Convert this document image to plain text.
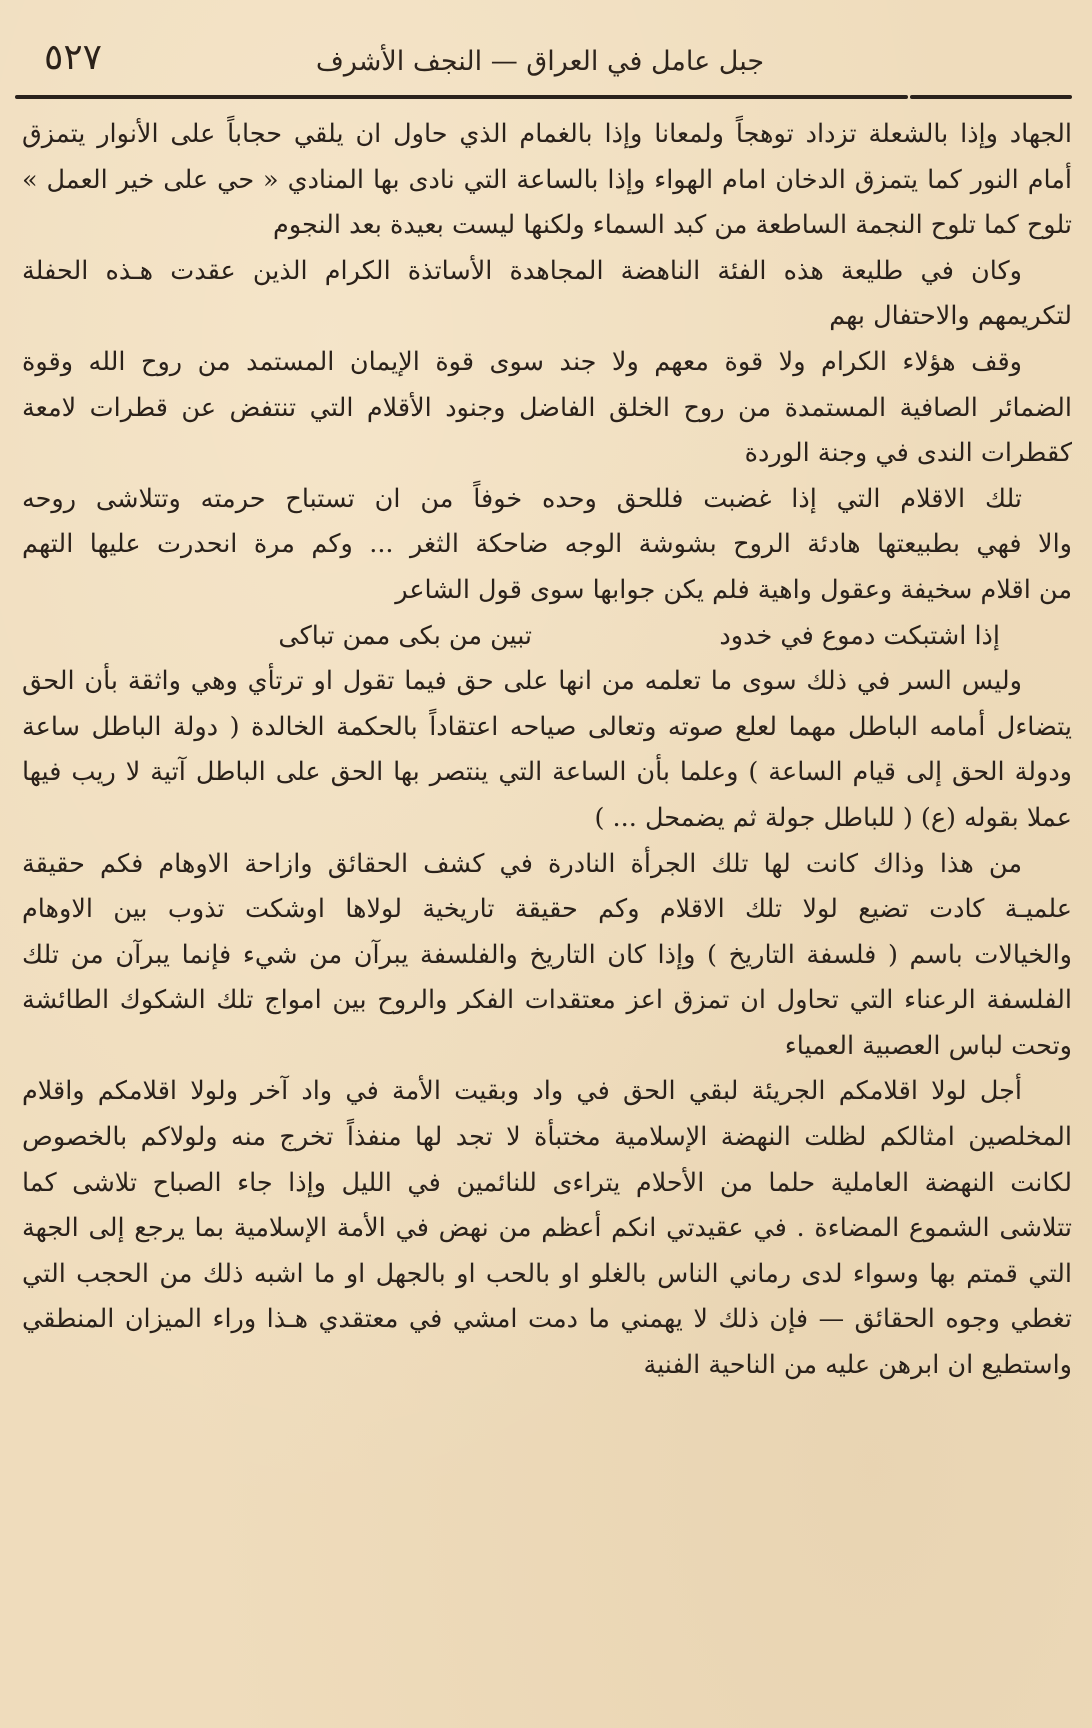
٥٢٧	جبل عامل في العراق — النجف الأشرف
الجهاد وإذا بالشعلة تزداد توهجاً ولمعانا وإذا بالغمام الذي حاول ان يلقي حجاباً على الأنوار يتمزق
أمام النور كما يتمزق الدخان امام الهواء وإذا بالساعة التي نادى بها المنادي « حي على خير العمل »
تلوح كما تلوح النجمة الساطعة من كبد السماء ولكنها ليست بعيدة بعد النجوم
وكان في طليعة هذه الفئة الناهضة المجاهدة الأساتذة الكرام الذين عقدت هـذه الحفلة
لتكريمهم والاحتفال بهم
وقف هؤلاء الكرام ولا قوة معهم ولا جند سوى قوة الإيمان المستمد من روح الله وقوة
الضمائر الصافية المستمدة من روح الخلق الفاضل وجنود الأقلام التي تنتفض عن قطرات لامعة
كقطرات الندى في وجنة الوردة
تلك الاقلام التي إذا غضبت فللحق وحده خوفاً من ان تستباح حرمته وتتلاشى روحه
والا فهي بطبيعتها هادئة الروح بشوشة الوجه ضاحكة الثغر ... وكم مرة انحدرت عليها التهم
من اقلام سخيفة وعقول واهية فلم يكن جوابها سوى قول الشاعر
إذا اشتبكت دموع في خدود
تبين من بكى ممن تباكى
وليس السر في ذلك سوى ما تعلمه من انها على حق فيما تقول او ترتأي وهي واثقة بأن الحق
يتضاءل أمامه الباطل مهما لعلع صوته وتعالى صياحه اعتقاداً بالحكمة الخالدة ( دولة الباطل ساعة
ودولة الحق إلى قيام الساعة ) وعلما بأن الساعة التي ينتصر بها الحق على الباطل آتية لا ريب فيها
عملا بقوله (ع) ( للباطل جولة ثم يضمحل ... )
من هذا وذاك كانت لها تلك الجرأة النادرة في كشف الحقائق وازاحة الاوهام فكم حقيقة
علميـة كادت تضيع لولا تلك الاقلام وكم حقيقة تاريخية لولاها اوشكت تذوب بين الاوهام
والخيالات باسم ( فلسفة التاريخ ) وإذا كان التاريخ والفلسفة يبرآن من شيء فإنما يبرآن من تلك
الفلسفة الرعناء التي تحاول ان تمزق اعز معتقدات الفكر والروح بين امواج تلك الشكوك الطائشة
وتحت لباس العصبية العمياء
أجل لولا اقلامكم الجريئة لبقي الحق في واد وبقيت الأمة في واد آخر ولولا اقلامكم واقلام
المخلصين امثالكم لظلت النهضة الإسلامية مختبأة لا تجد لها منفذاً تخرج منه ولولاكم بالخصوص
لكانت النهضة العاملية حلما من الأحلام يتراءى للنائمين في الليل وإذا جاء الصباح تلاشى كما
تتلاشى الشموع المضاءة . في عقيدتي انكم أعظم من نهض في الأمة الإسلامية بما يرجع إلى الجهة
التي قمتم بها وسواء لدى رماني الناس بالغلو او بالحب او بالجهل او ما اشبه ذلك من الحجب التي
تغطي وجوه الحقائق — فإن ذلك لا يهمني ما دمت امشي في معتقدي هـذا وراء الميزان المنطقي
واستطيع ان ابرهن عليه من الناحية الفنية
